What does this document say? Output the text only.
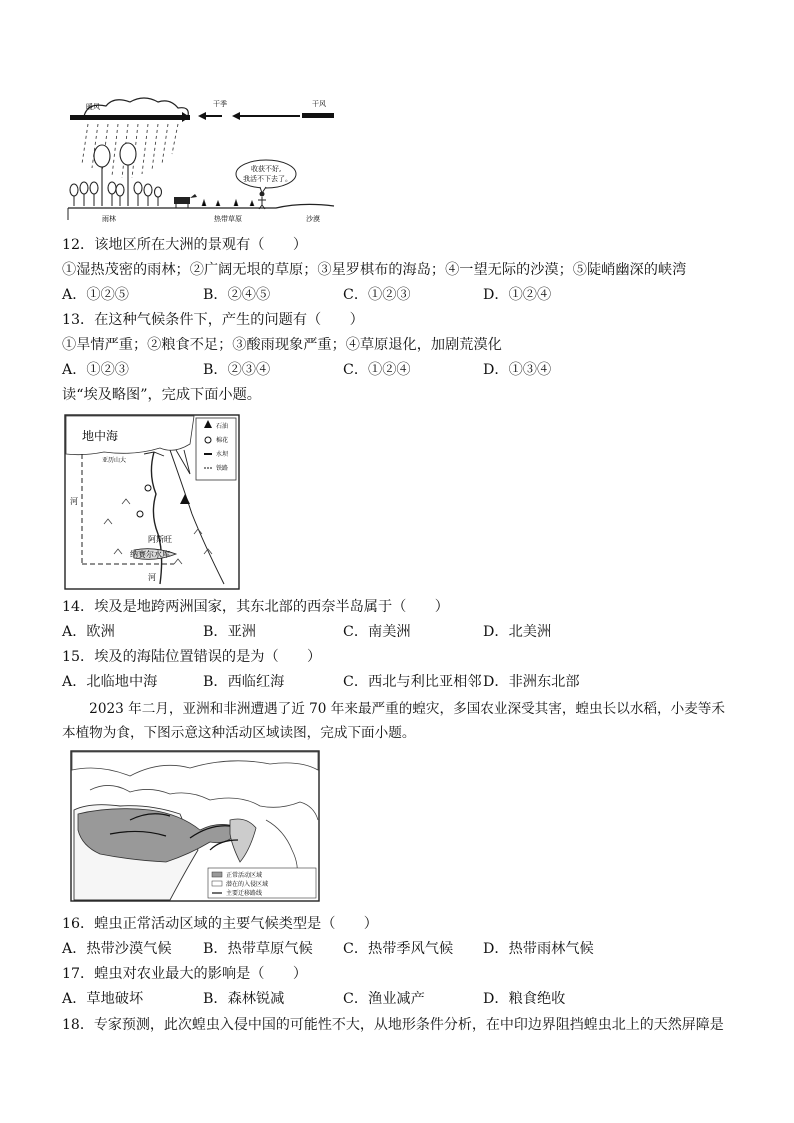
暖风	干季	干风
收获不好,
我活不下去了。
雨林	热带草原	沙漠
12．该地区所在大洲的景观有（　　）
①湿热茂密的雨林；②广阔无垠的草原；③星罗棋布的海岛；④一望无际的沙漠；⑤陡峭幽深的峡湾
A．①②⑤	B．②④⑤	C．①②③	D．①②④
13．在这种气候条件下，产生的问题有（　　）
①旱情严重；②粮食不足；③酸雨现象严重；④草原退化，加剧荒漠化
A．①②③	B．②③④	C．①②④	D．①③④
读“埃及略图”，完成下面小题。
地中海
亚历山大
石油
棉花
水坝
铁路
河
阿斯旺
纳赛尔水库
河
14．埃及是地跨两洲国家，其东北部的西奈半岛属于（　　）
A．欧洲	B．亚洲	C．南美洲	D．北美洲
15．埃及的海陆位置错误的是为（　　）
A．北临地中海	B．西临红海	C．西北与利比亚相邻 D．非洲东北部
　　2023 年二月，亚洲和非洲遭遇了近 70 年来最严重的蝗灾，多国农业深受其害，蝗虫长以水稻，小麦等禾本植物为食，下图示意这种活动区域读图，完成下面小题。
正常活动区域
潜在的入侵区域
主要迁移路线
16．蝗虫正常活动区域的主要气候类型是（　　）
A．热带沙漠气候 B．热带草原气候 C．热带季风气候 D．热带雨林气候
17．蝗虫对农业最大的影响是（　　）
A．草地破坏	B．森林锐减	C．渔业减产	D．粮食绝收
18．专家预测，此次蝗虫入侵中国的可能性不大，从地形条件分析，在中印边界阻挡蝗虫北上的天然屏障是
